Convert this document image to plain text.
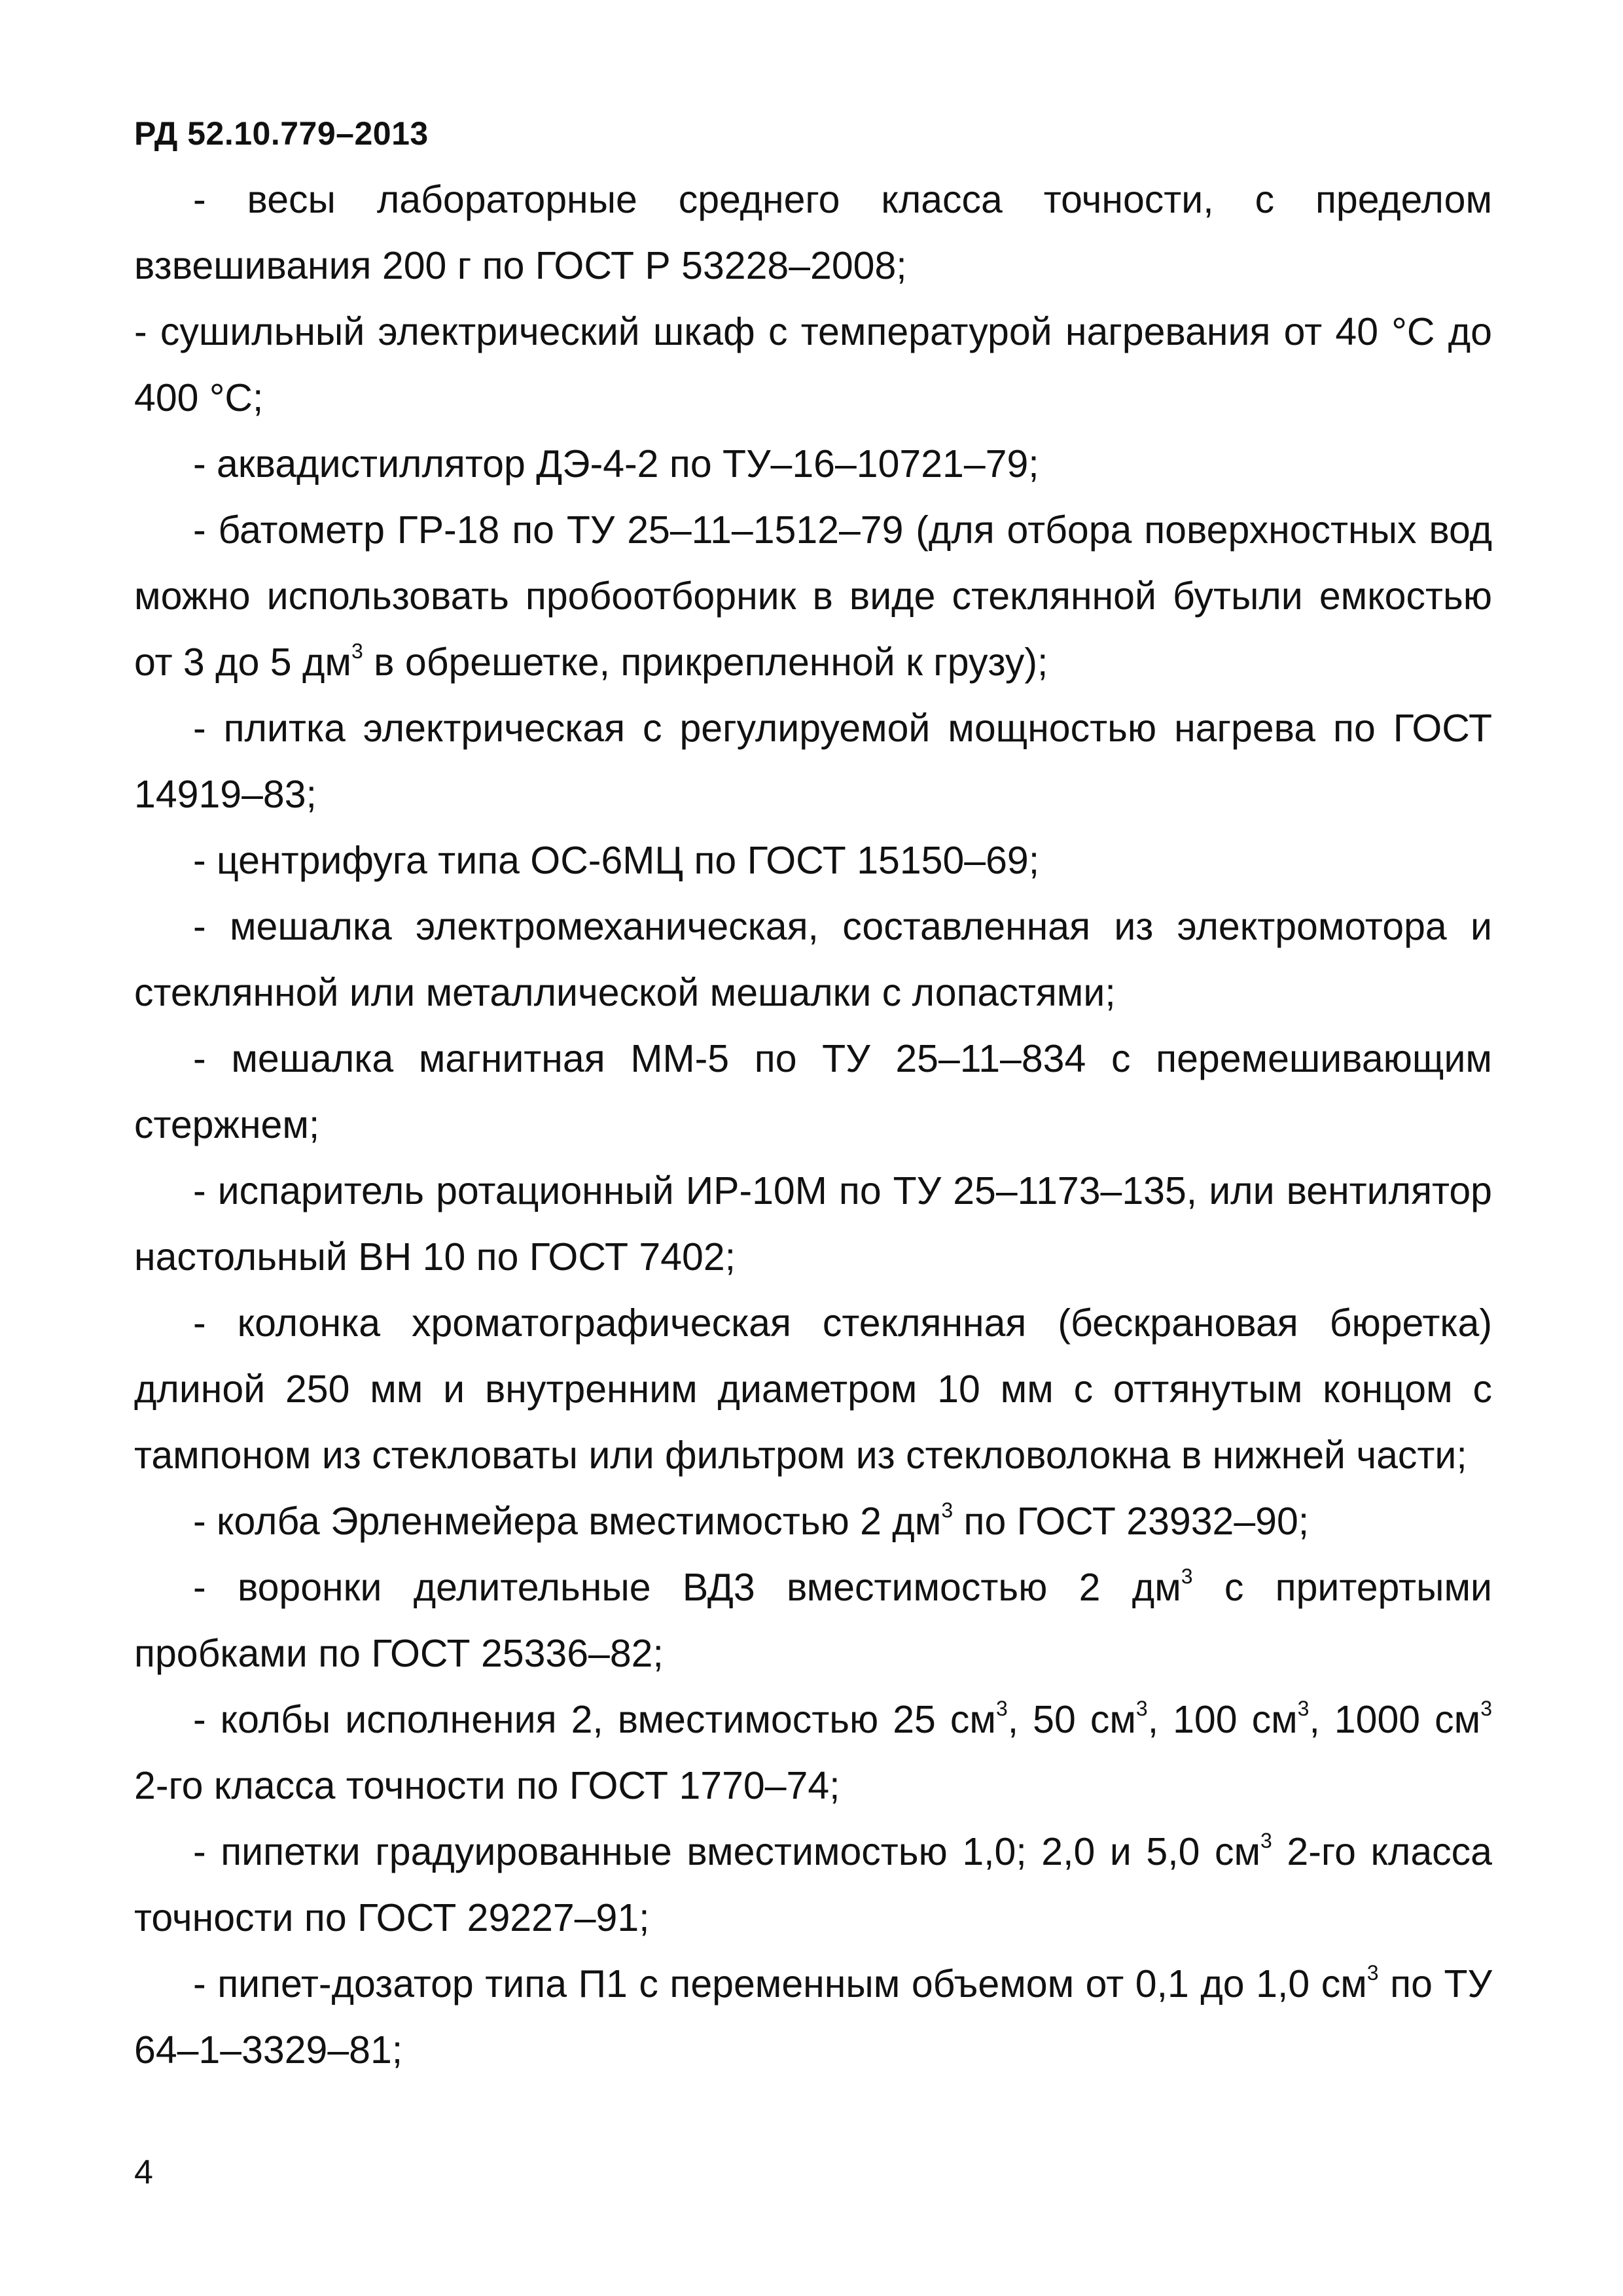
РД 52.10.779–2013

- весы лабораторные среднего класса точности, с пределом взвешивания 200 г по ГОСТ Р 53228–2008;

- сушильный электрический шкаф с температурой нагревания от 40 °С до 400 °С;

- аквадистиллятор ДЭ-4-2 по ТУ–16–10721–79;

- батометр ГР-18 по ТУ 25–11–1512–79 (для отбора поверхностных вод можно использовать пробоотборник в виде стеклянной бутыли емкостью от 3 до 5 $дм^3$ в обрешетке, прикрепленной к грузу);

- плитка электрическая с регулируемой мощностью нагрева по ГОСТ 14919–83;

- центрифуга типа ОС-6МЦ по ГОСТ 15150–69;

- мешалка электромеханическая, составленная из электромотора и стеклянной или металлической мешалки с лопастями;

- мешалка магнитная ММ-5 по ТУ 25–11–834 с перемешивающим стержнем;

- испаритель ротационный ИР-10М по ТУ 25–1173–135, или вентилятор настольный ВН 10 по ГОСТ 7402;

- колонка хроматографическая стеклянная (бескрановая бюретка) длиной 250 мм и внутренним диаметром 10 мм с оттянутым концом с тампоном из стекловаты или фильтром из стекловолокна в нижней части;

- колба Эрленмейера вместимостью 2 $дм^3$ по ГОСТ 23932–90;

- воронки делительные ВД3 вместимостью 2 $дм^3$ с притертыми пробками по ГОСТ 25336–82;

- колбы исполнения 2, вместимостью 25 $см^3$, 50 $см^3$, 100 $см^3$, 1000 $см^3$ 2-го класса точности по ГОСТ 1770–74;

- пипетки градуированные вместимостью 1,0; 2,0 и 5,0 $см^3$ 2-го класса точности по ГОСТ 29227–91;

- пипет-дозатор типа П1 с переменным объемом от 0,1 до 1,0 $см^3$ по ТУ 64–1–3329–81;

4
